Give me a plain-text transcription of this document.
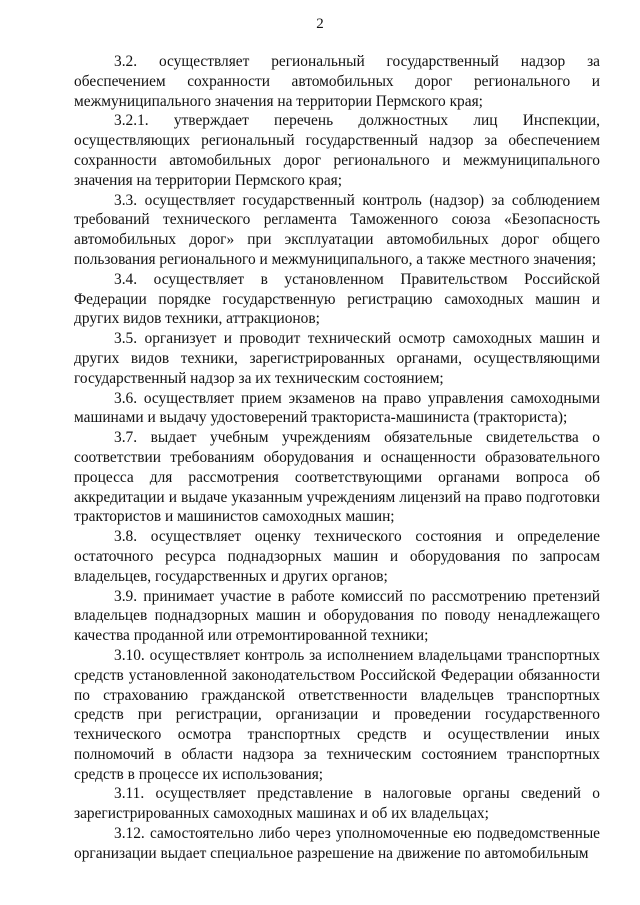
2

3.2. осуществляет региональный государственный надзор за обеспечением сохранности автомобильных дорог регионального и межмуниципального значения на территории Пермского края;

3.2.1. утверждает перечень должностных лиц Инспекции, осуществляющих региональный государственный надзор за обеспечением сохранности автомобильных дорог регионального и межмуниципального значения на территории Пермского края;

3.3. осуществляет государственный контроль (надзор) за соблюдением требований технического регламента Таможенного союза «Безопасность автомобильных дорог» при эксплуатации автомобильных дорог общего пользования регионального и межмуниципального, а также местного значения;

3.4. осуществляет в установленном Правительством Российской Федерации порядке государственную регистрацию самоходных машин и других видов техники, аттракционов;

3.5. организует и проводит технический осмотр самоходных машин и других видов техники, зарегистрированных органами, осуществляющими государственный надзор за их техническим состоянием;

3.6. осуществляет прием экзаменов на право управления самоходными машинами и выдачу удостоверений тракториста-машиниста (тракториста);

3.7. выдает учебным учреждениям обязательные свидетельства о соответствии требованиям оборудования и оснащенности образовательного процесса для рассмотрения соответствующими органами вопроса об аккредитации и выдаче указанным учреждениям лицензий на право подготовки трактористов и машинистов самоходных машин;

3.8. осуществляет оценку технического состояния и определение остаточного ресурса поднадзорных машин и оборудования по запросам владельцев, государственных и других органов;

3.9. принимает участие в работе комиссий по рассмотрению претензий владельцев поднадзорных машин и оборудования по поводу ненадлежащего качества проданной или отремонтированной техники;

3.10. осуществляет контроль за исполнением владельцами транспортных средств установленной законодательством Российской Федерации обязанности по страхованию гражданской ответственности владельцев транспортных средств при регистрации, организации и проведении государственного технического осмотра транспортных средств и осуществлении иных полномочий в области надзора за техническим состоянием транспортных средств в процессе их использования;

3.11. осуществляет представление в налоговые органы сведений о зарегистрированных самоходных машинах и об их владельцах;

3.12. самостоятельно либо через уполномоченные ею подведомственные организации выдает специальное разрешение на движение по автомобильным
